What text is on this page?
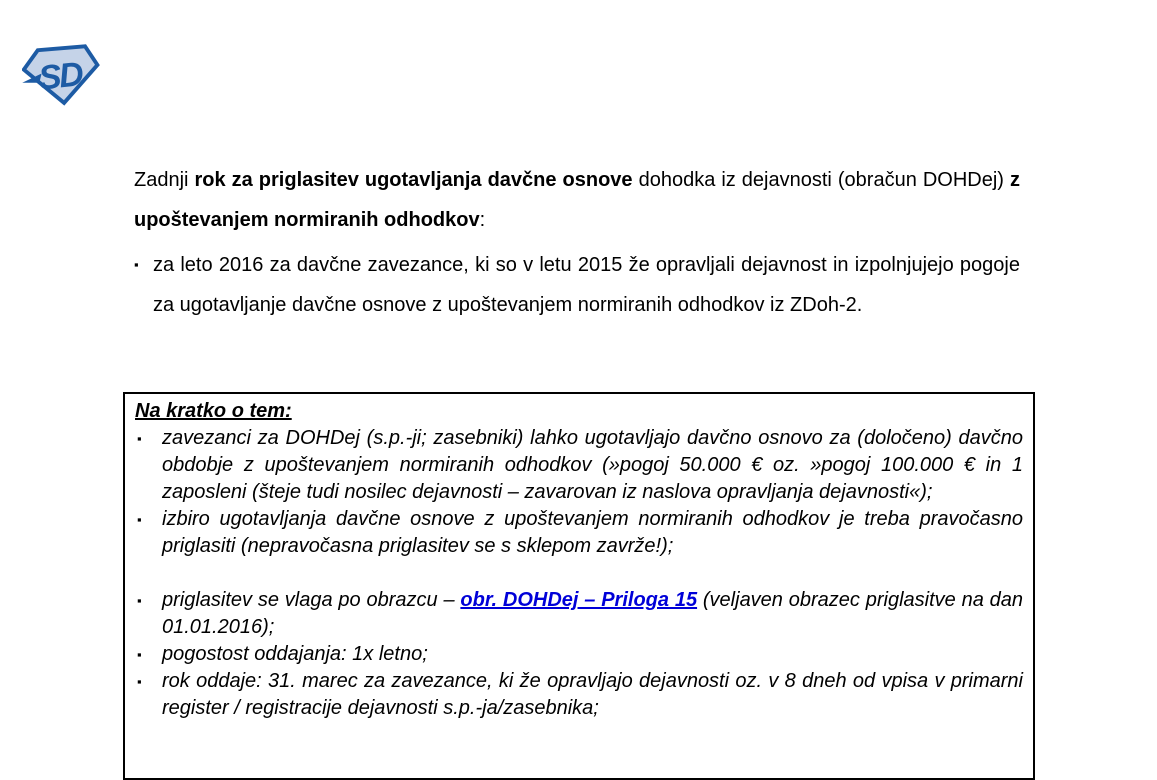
SD

Zadnji rok za priglasitev ugotavljanja davčne osnove dohodka iz dejavnosti (obračun DOHDej) z upoštevanjem normiranih odhodkov:

▪ za leto 2016 za davčne zavezance, ki so v letu 2015 že opravljali dejavnost in izpolnjujejo pogoje za ugotavljanje davčne osnove z upoštevanjem normiranih odhodkov iz ZDoh-2.
Na kratko o tem:
▪	zavezanci za DOHDej (s.p.-ji; zasebniki) lahko ugotavljajo davčno osnovo za (določeno) davčno obdobje z upoštevanjem normiranih odhodkov (»pogoj 50.000 € oz. »pogoj 100.000 € in 1 zaposleni (šteje tudi nosilec dejavnosti – zavarovan iz naslova opravljanja dejavnosti«);
▪	izbiro ugotavljanja davčne osnove z upoštevanjem normiranih odhodkov je treba pravočasno priglasiti (nepravočasna priglasitev se s sklepom zavrže!);
▪	priglasitev se vlaga po obrazcu – obr. DOHDej – Priloga 15 (veljaven obrazec priglasitve na dan 01.01.2016);
▪	pogostost oddajanja: 1x letno;
▪	rok oddaje: 31. marec za zavezance, ki že opravljajo dejavnosti oz. v 8 dneh od vpisa v primarni register / registracije dejavnosti s.p.-ja/zasebnika;
